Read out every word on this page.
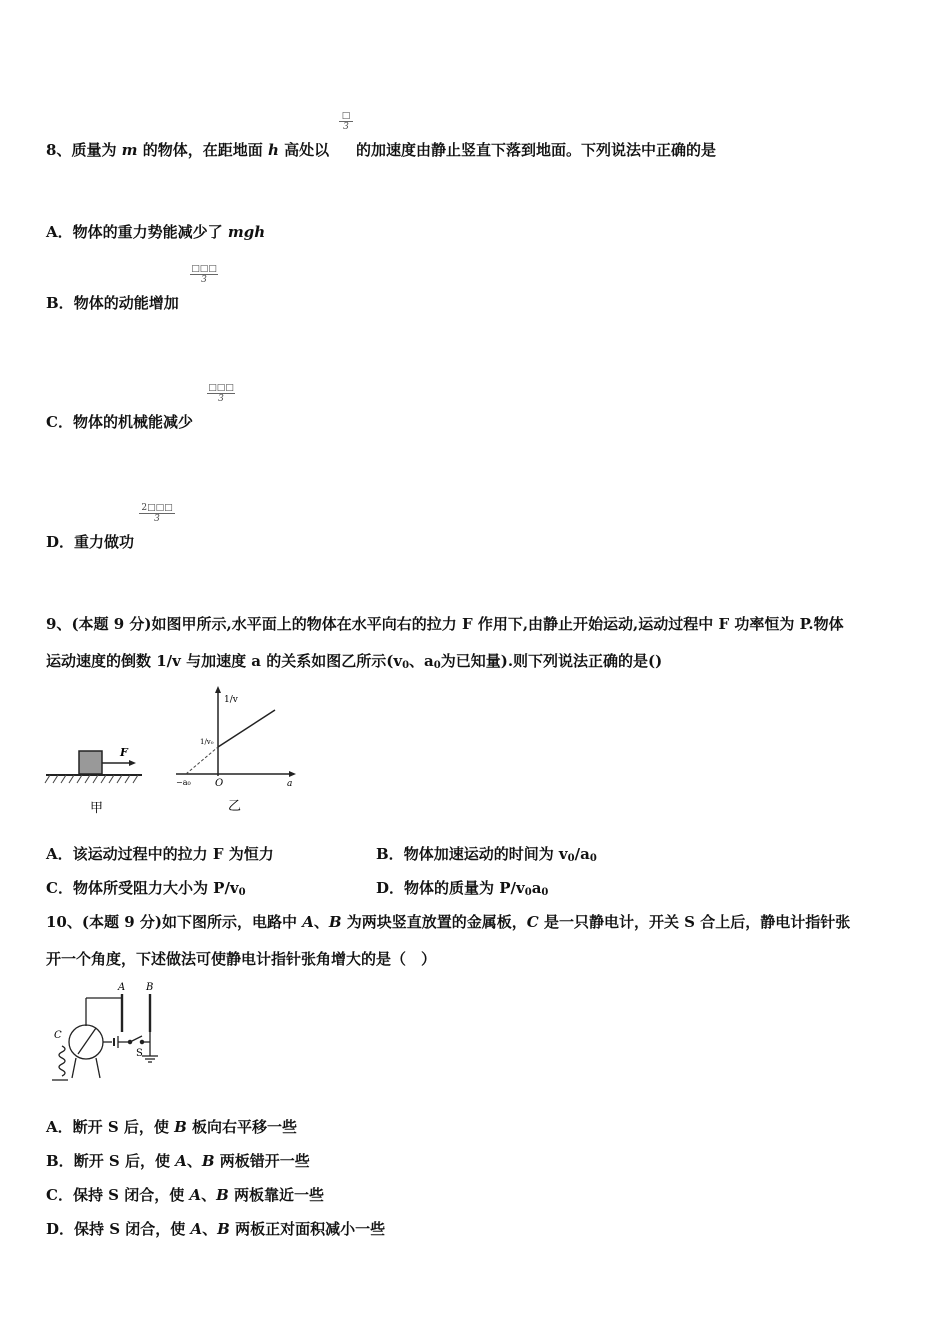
□
3
8、质量为 m 的物体，在距地面 h 高处以 的加速度由静止竖直下落到地面。下列说法中正确的是
A．物体的重力势能减少了 mgh
□□□
3
B．物体的动能增加
□□□
3
C．物体的机械能减少
$\frac{2□□□}{3}$
D．重力做功
9、(本题 9 分)如图甲所示,水平面上的物体在水平向右的拉力 F 作用下,由静止开始运动,运动过程中 F 功率恒为 P.物体
运动速度的倒数 1/v 与加速度 a 的关系如图乙所示($v_0$、$a_0$为已知量).则下列说法正确的是()
F
甲
1/v
1/v₀
−a₀ O	a
乙
A．该运动过程中的拉力 F 为恒力	B．物体加速运动的时间为 $v_0/a_0$
C．物体所受阻力大小为 $P/v_0$	D．物体的质量为 $P/v_0a_0$
10、(本题 9 分)如下图所示，电路中 A、B 为两块竖直放置的金属板，C 是一只静电计，开关 S 合上后，静电计指针张
开一个角度，下述做法可使静电计指针张角增大的是（　）
A B
C
S
A．断开 S 后，使 B 板向右平移一些
B．断开 S 后，使 A、B 两板错开一些
C．保持 S 闭合，使 A、B 两板靠近一些
D．保持 S 闭合，使 A、B 两板正对面积减小一些
